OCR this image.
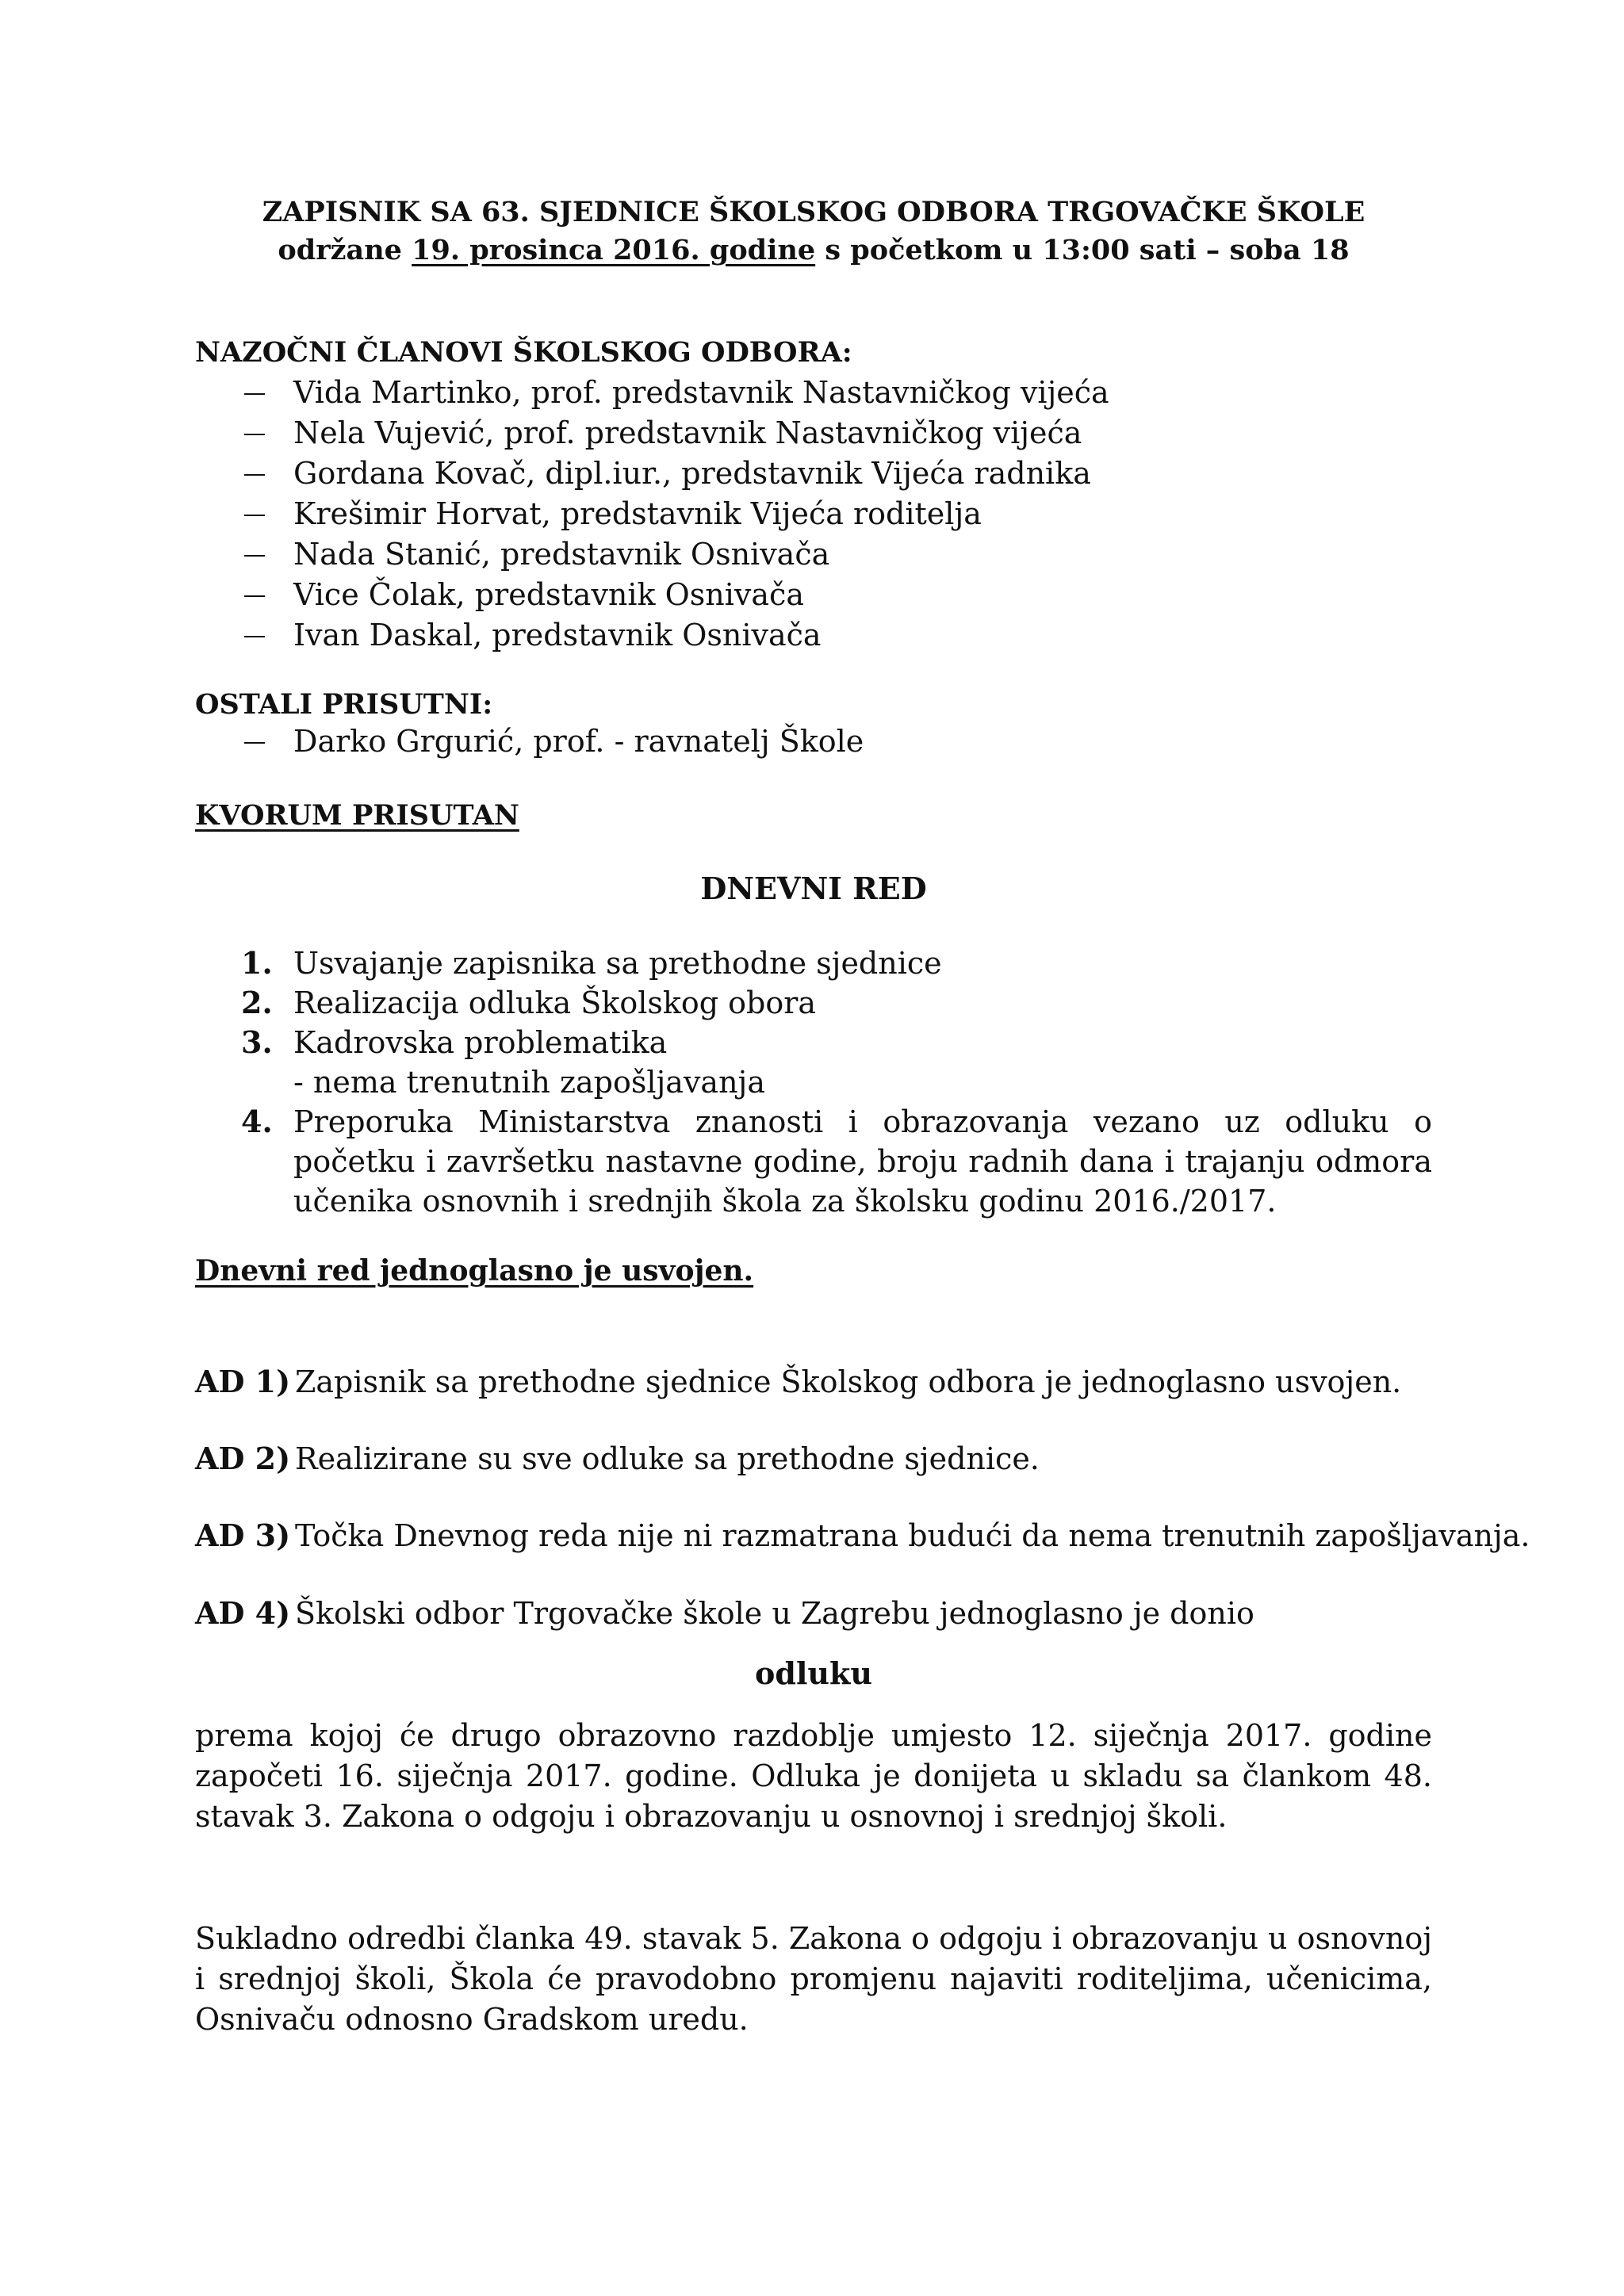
ZAPISNIK SA 63. SJEDNICE ŠKOLSKOG ODBORA TRGOVAČKE ŠKOLE
održane 19. prosinca 2016. godine s početkom u 13:00 sati – soba 18
NAZOČNI ČLANOVI ŠKOLSKOG ODBORA:
Vida Martinko, prof. predstavnik Nastavničkog vijeća
Nela Vujević, prof. predstavnik Nastavničkog vijeća
Gordana Kovač, dipl.iur., predstavnik Vijeća radnika
Krešimir Horvat, predstavnik Vijeća roditelja
Nada Stanić, predstavnik Osnivača
Vice Čolak, predstavnik Osnivača
Ivan Daskal, predstavnik Osnivača
OSTALI PRISUTNI:
Darko Grgurić, prof. - ravnatelj Škole
KVORUM PRISUTAN
DNEVNI RED
1. Usvajanje zapisnika sa prethodne sjednice
2. Realizacija odluka Školskog obora
3. Kadrovska problematika
- nema trenutnih zapošljavanja
4. Preporuka Ministarstva znanosti i obrazovanja vezano uz odluku o početku i završetku nastavne godine, broju radnih dana i trajanju odmora učenika osnovnih i srednjih škola za školsku godinu 2016./2017.
Dnevni red jednoglasno je usvojen.
AD 1) Zapisnik sa prethodne sjednice Školskog odbora je jednoglasno usvojen.
AD 2) Realizirane su sve odluke sa prethodne sjednice.
AD 3) Točka Dnevnog reda nije ni razmatrana budući da nema trenutnih zapošljavanja.
AD 4) Školski odbor Trgovačke škole u Zagrebu jednoglasno je donio
odluku
prema kojoj će drugo obrazovno razdoblje umjesto 12. siječnja 2017. godine započeti 16. siječnja 2017. godine. Odluka je donijeta u skladu sa člankom 48. stavak 3. Zakona o odgoju i obrazovanju u osnovnoj i srednjoj školi.
Sukladno odredbi članka 49. stavak 5. Zakona o odgoju i obrazovanju u osnovnoj i srednjoj školi, Škola će pravodobno promjenu najaviti roditeljima, učenicima, Osnivaču odnosno Gradskom uredu.
